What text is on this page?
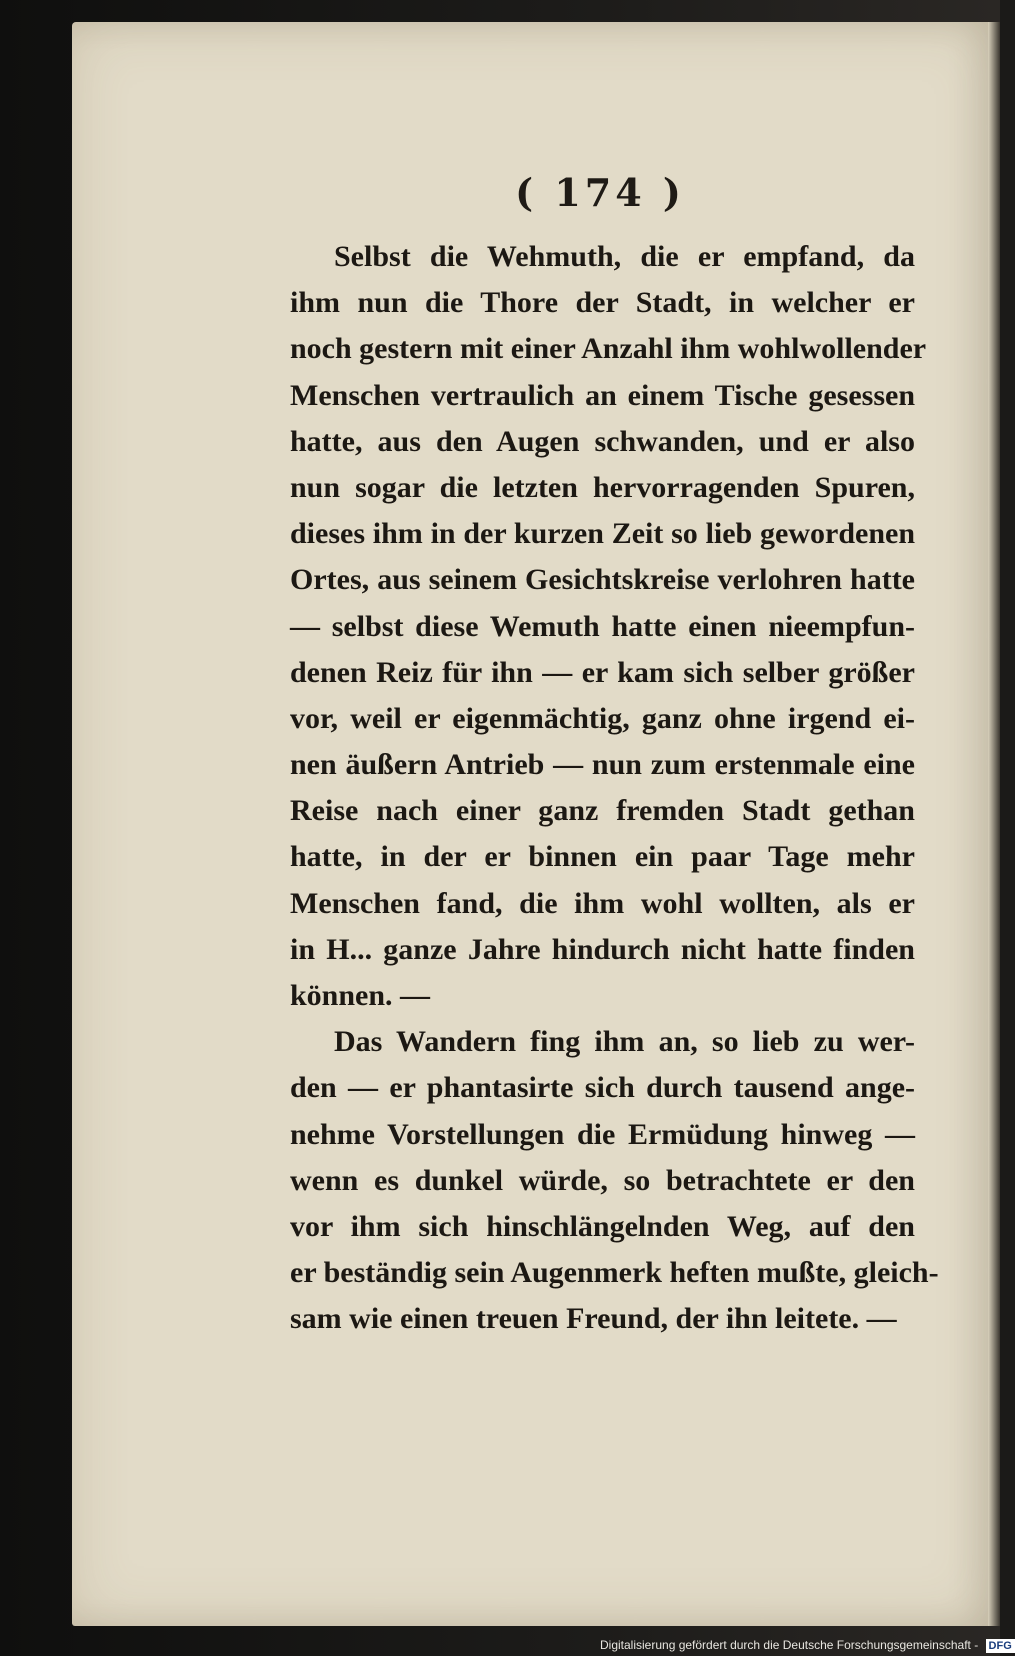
( 174 )
Selbst die Wehmuth, die er empfand, da
ihm nun die Thore der Stadt, in welcher er
noch gestern mit einer Anzahl ihm wohlwollender
Menschen vertraulich an einem Tische gesessen
hatte, aus den Augen schwanden, und er also
nun sogar die letzten hervorragenden Spuren,
dieses ihm in der kurzen Zeit so lieb gewordenen
Ortes, aus seinem Gesichtskreise verlohren hatte
— selbst diese Wemuth hatte einen nieempfun-
denen Reiz für ihn — er kam sich selber größer
vor, weil er eigenmächtig, ganz ohne irgend ei-
nen äußern Antrieb — nun zum erstenmale eine
Reise nach einer ganz fremden Stadt gethan
hatte, in der er binnen ein paar Tage mehr
Menschen fand, die ihm wohl wollten, als er
in H... ganze Jahre hindurch nicht hatte finden
können. —
Das Wandern fing ihm an, so lieb zu wer-
den — er phantasirte sich durch tausend ange-
nehme Vorstellungen die Ermüdung hinweg —
wenn es dunkel würde, so betrachtete er den
vor ihm sich hinschlängelnden Weg, auf den
er beständig sein Augenmerk heften mußte, gleich-
sam wie einen treuen Freund, der ihn leitete. —
Digitalisierung gefördert durch die Deutsche Forschungsgemeinschaft - DFG
